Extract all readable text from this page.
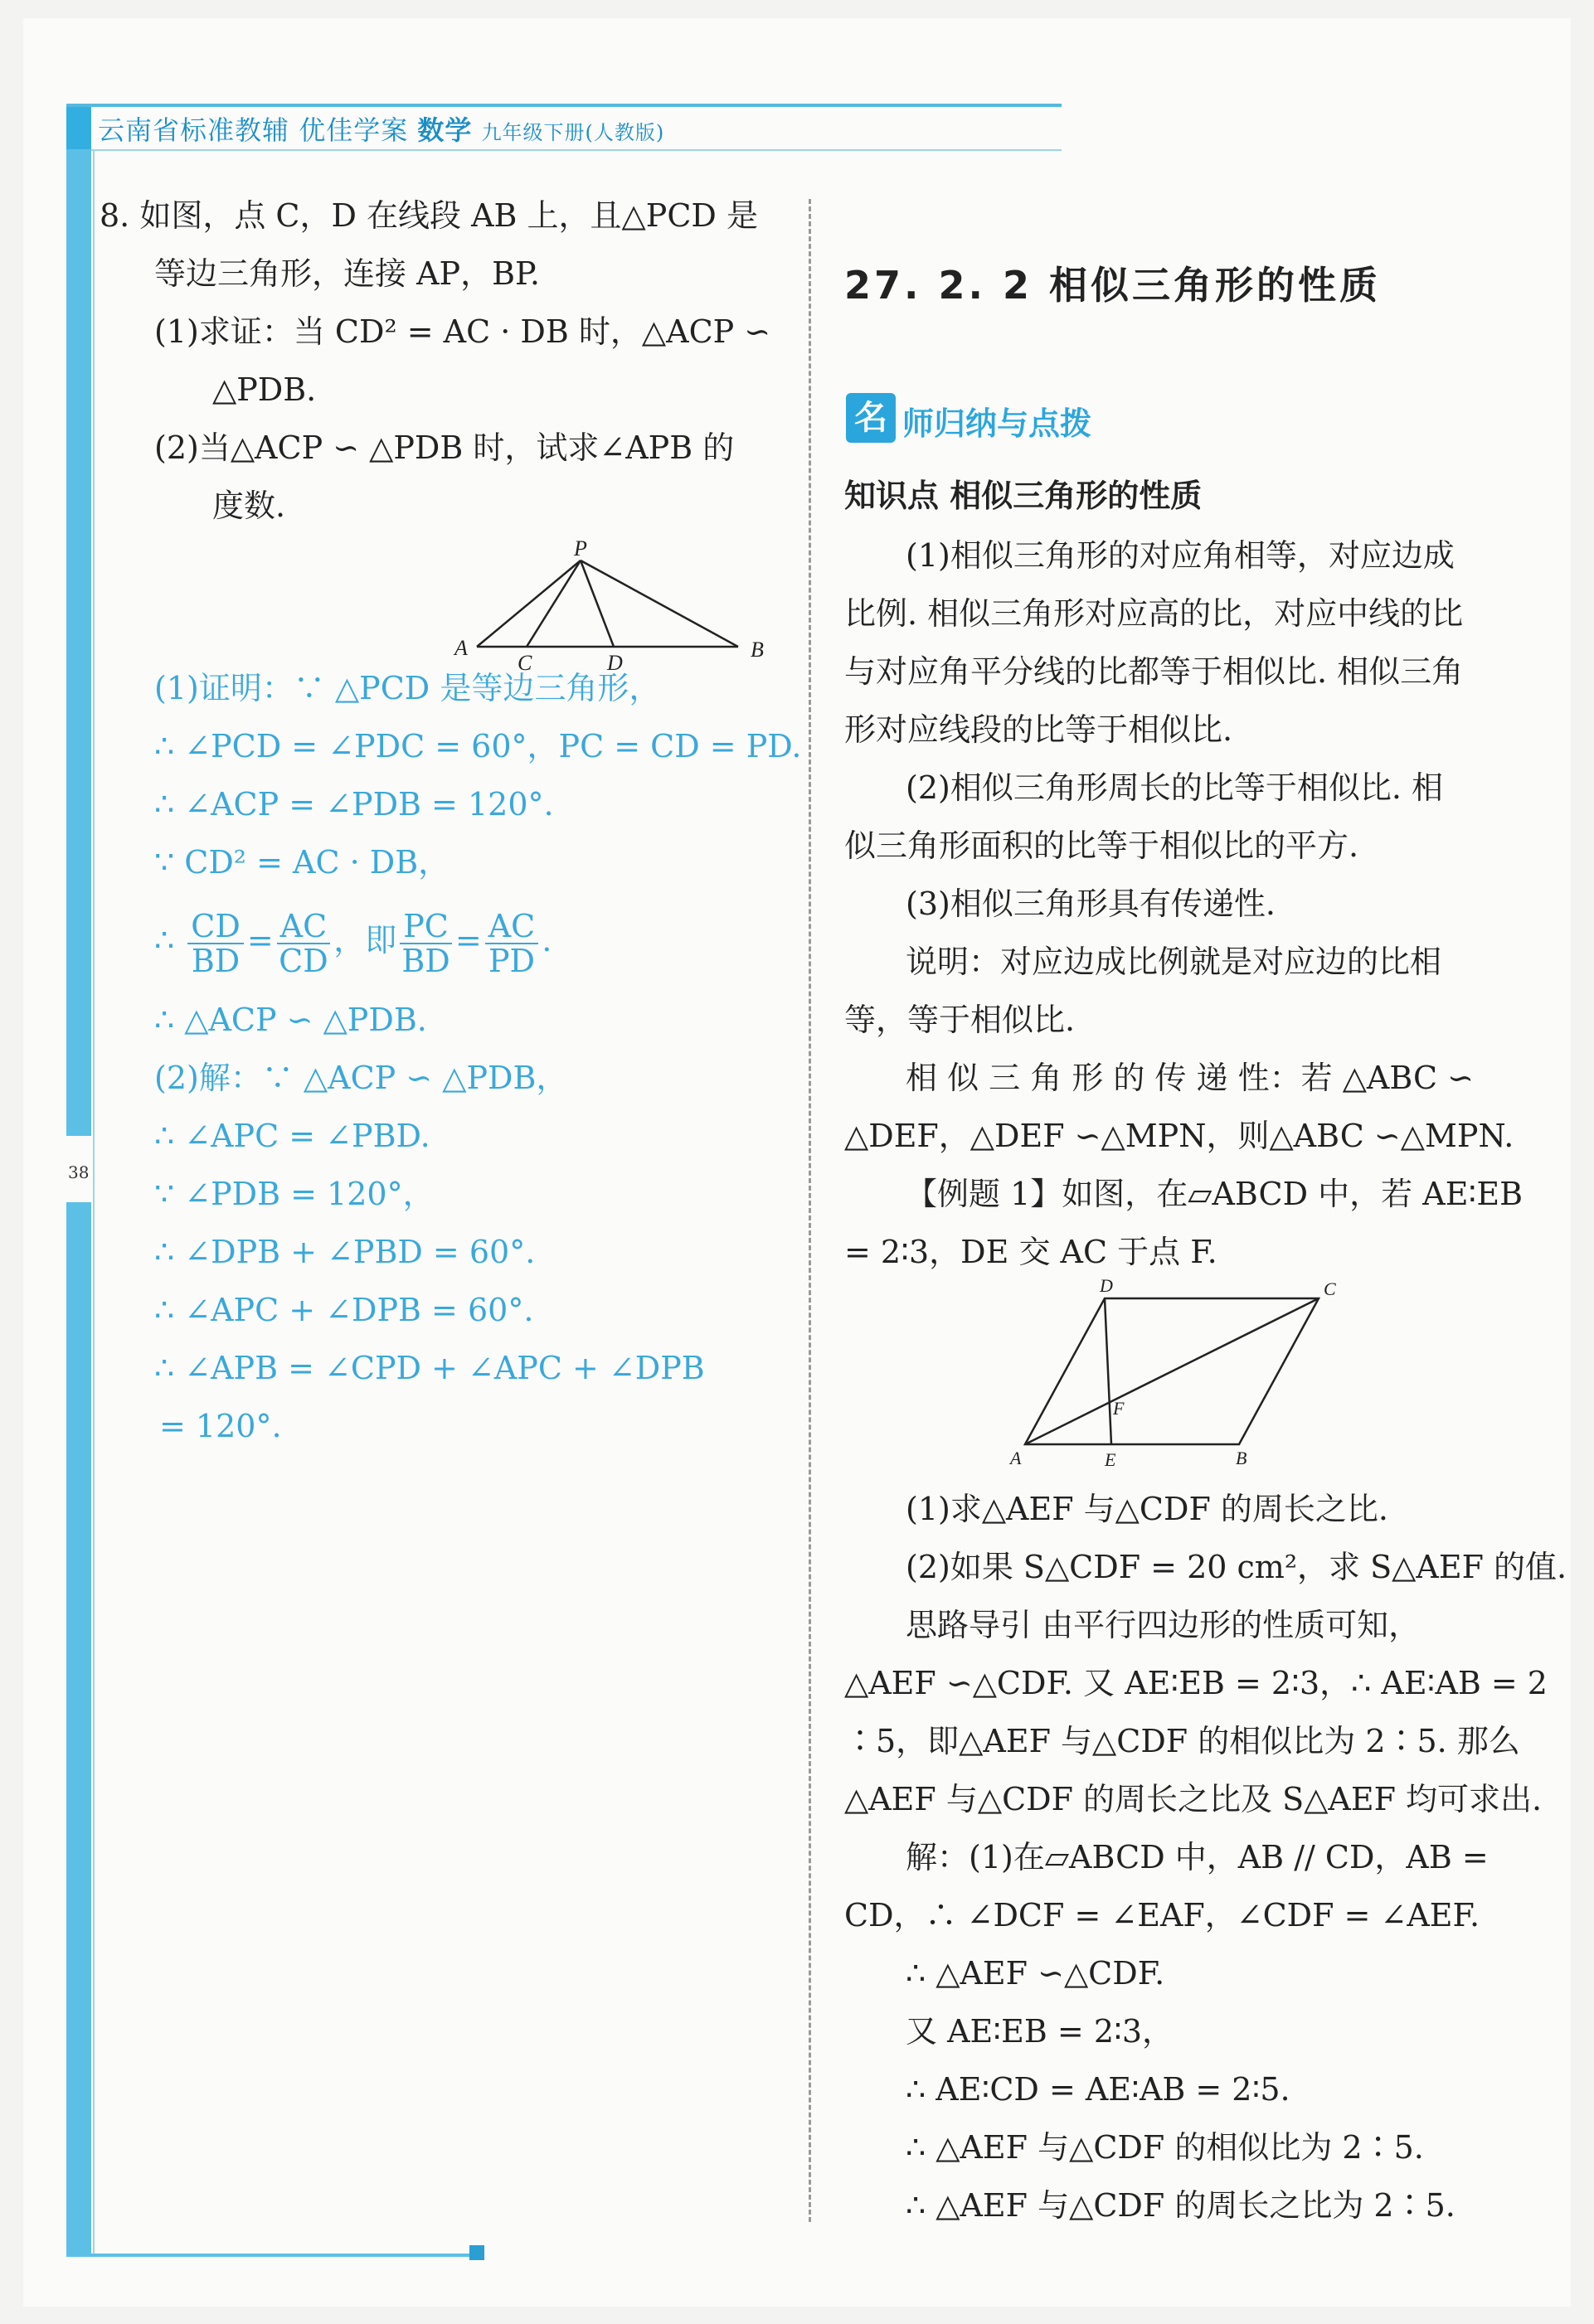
云南省标准教辅 优佳学案 数学 九年级下册(人教版)
38
8. 如图，点 C，D 在线段 AB 上，且△PCD 是
等边三角形，连接 AP，BP.
(1)求证：当 CD² = AC · DB 时，△ACP ∽
△PDB.
(2)当△ACP ∽ △PDB 时，试求∠APB 的
度数.
P
A	B
C	D
(1)证明：∵ △PCD 是等边三角形，
∴ ∠PCD = ∠PDC = 60°，PC = CD = PD.
∴ ∠ACP = ∠PDB = 120°.
∵ CD² = AC · DB，
∴ $\frac{CD}{BD} = \frac{AC}{CD}$ ，即 $\frac{PC}{BD} = \frac{AC}{PD}$ .
∴ △ACP ∽ △PDB.
(2)解：∵ △ACP ∽ △PDB，
∴ ∠APC = ∠PBD.
∵ ∠PDB = 120°，
∴ ∠DPB + ∠PBD = 60°.
∴ ∠APC + ∠DPB = 60°.
∴ ∠APB = ∠CPD + ∠APC + ∠DPB
= 120°.
27. 2. 2 相似三角形的性质
名 师归纳与点拨
知识点 相似三角形的性质
(1)相似三角形的对应角相等，对应边成
比例. 相似三角形对应高的比，对应中线的比
与对应角平分线的比都等于相似比. 相似三角
形对应线段的比等于相似比.
(2)相似三角形周长的比等于相似比. 相
似三角形面积的比等于相似比的平方.
(3)相似三角形具有传递性.
说明：对应边成比例就是对应边的比相
等，等于相似比.
相 似 三 角 形 的 传 递 性：若 △ABC ∽
△DEF，△DEF ∽△MPN，则△ABC ∽△MPN.
【例题 1】如图，在▱ABCD 中，若 AE∶EB
= 2∶3，DE 交 AC 于点 F.
D	C
A	B
E
F
(1)求△AEF 与△CDF 的周长之比.
(2)如果 S△CDF = 20 cm²，求 S△AEF 的值.
思路导引 由平行四边形的性质可知，
△AEF ∽△CDF. 又 AE∶EB = 2∶3，∴ AE∶AB = 2
∶5，即△AEF 与△CDF 的相似比为 2∶5. 那么
△AEF 与△CDF 的周长之比及 S△AEF 均可求出.
解：(1)在▱ABCD 中，AB // CD，AB =
CD，∴ ∠DCF = ∠EAF，∠CDF = ∠AEF.
∴ △AEF ∽△CDF.
又 AE∶EB = 2∶3，
∴ AE∶CD = AE∶AB = 2∶5.
∴ △AEF 与△CDF 的相似比为 2∶5.
∴ △AEF 与△CDF 的周长之比为 2∶5.
